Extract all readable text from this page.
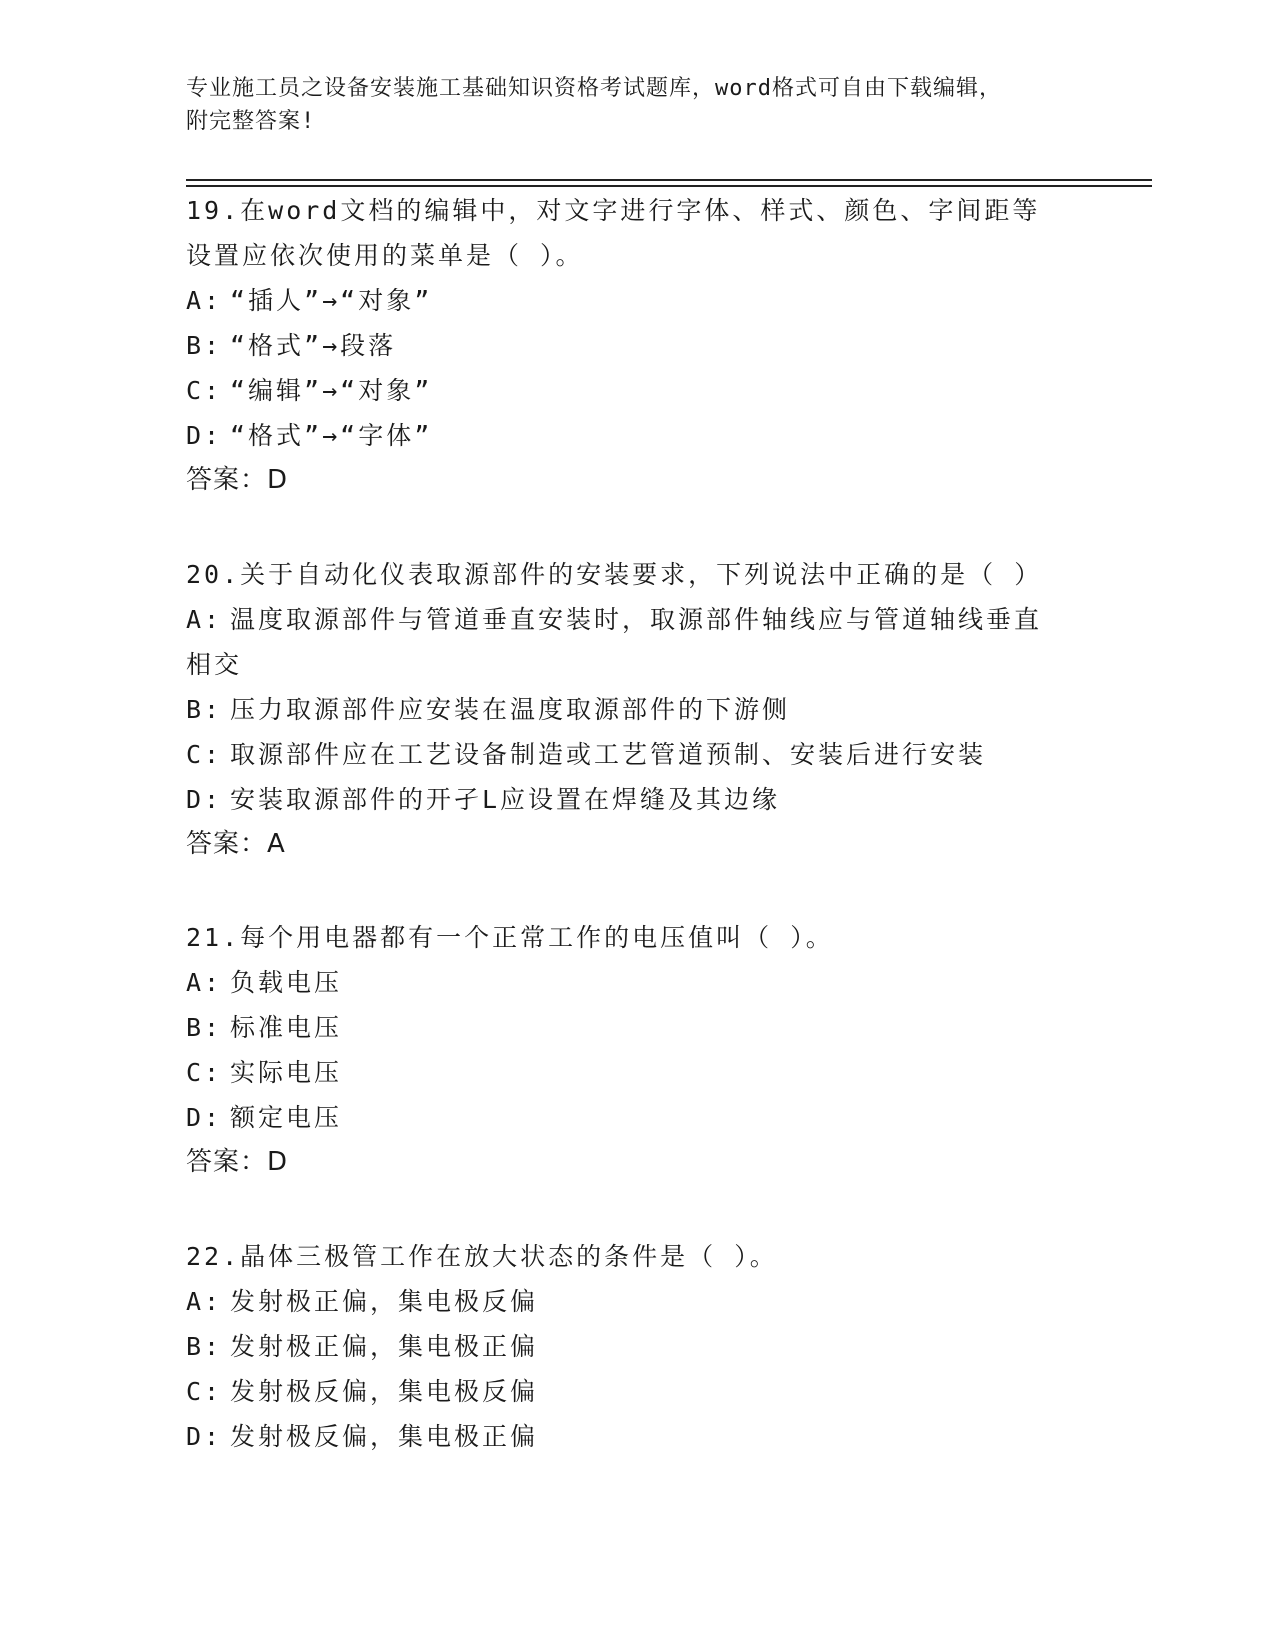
专业施工员之设备安装施工基础知识资格考试题库，word格式可自由下载编辑，
附完整答案!
19.在word文档的编辑中，对文字进行字体、样式、颜色、字间距等
设置应依次使用的菜单是（ ）。
A: “插人”→“对象”
B: “格式”→段落
C: “编辑”→“对象”
D: “格式”→“字体”
答案：D
20.关于自动化仪表取源部件的安装要求，下列说法中正确的是（ ）
A: 温度取源部件与管道垂直安装时，取源部件轴线应与管道轴线垂直
相交
B: 压力取源部件应安装在温度取源部件的下游侧
C: 取源部件应在工艺设备制造或工艺管道预制、安装后进行安装
D: 安装取源部件的开孑L应设置在焊缝及其边缘
答案：A
21.每个用电器都有一个正常工作的电压值叫（ ）。
A: 负载电压
B: 标准电压
C: 实际电压
D: 额定电压
答案：D
22.晶体三极管工作在放大状态的条件是（ ）。
A: 发射极正偏，集电极反偏
B: 发射极正偏，集电极正偏
C: 发射极反偏，集电极反偏
D: 发射极反偏，集电极正偏
